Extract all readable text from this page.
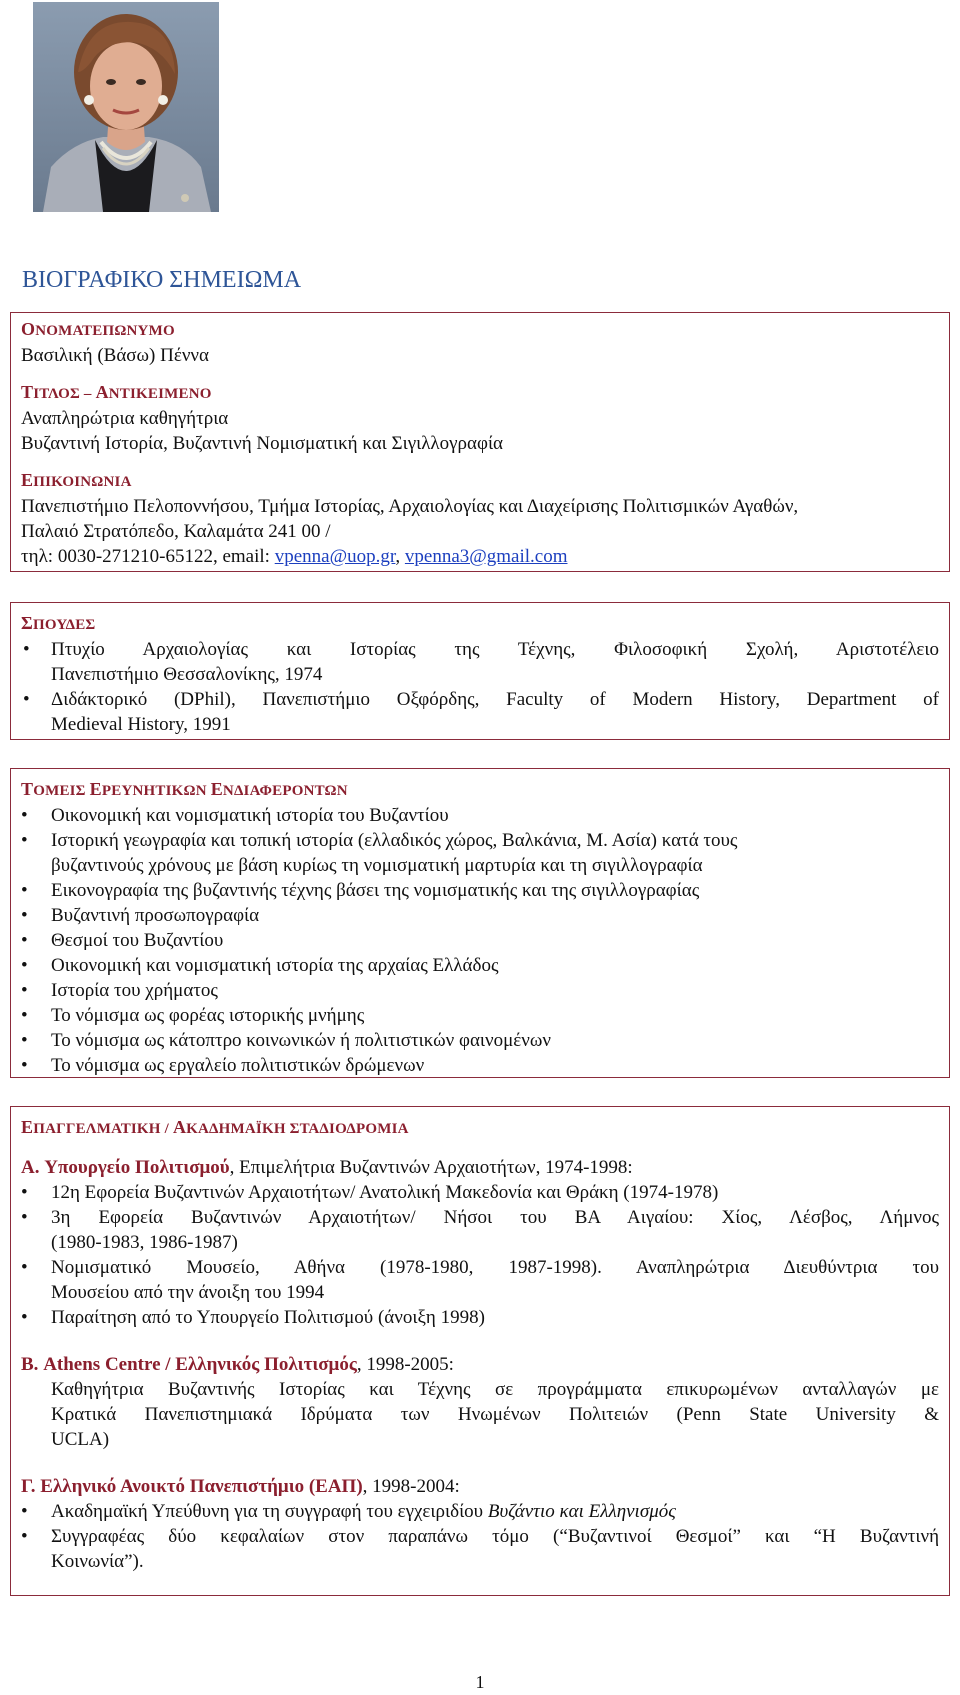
ΒΙΟΓΡΑΦΙΚΟ ΣΗΜΕΙΩΜΑ
ΟΝΟΜΑΤΕΠΩΝΥΜΟ
Βασιλική (Βάσω) Πέννα
ΤΙΤΛΟΣ – ΑΝΤΙΚΕΙΜΕΝΟ
Αναπληρώτρια καθηγήτρια
Βυζαντινή Ιστορία, Βυζαντινή Νομισματική και Σιγιλλογραφία
ΕΠΙΚΟΙΝΩΝΙΑ
Πανεπιστήμιο Πελοποννήσου, Τμήμα Ιστορίας, Αρχαιολογίας και Διαχείρισης Πολιτισμικών Αγαθών,
Παλαιό Στρατόπεδο, Καλαμάτα 241 00 /
τηλ: 0030-271210-65122, email: vpenna@uop.gr, vpenna3@gmail.com
ΣΠΟΥΔΕΣ
•	Πτυχίο Αρχαιολογίας και Ιστορίας της Τέχνης, Φιλοσοφική Σχολή, Αριστοτέλειο
Πανεπιστήμιο Θεσσαλονίκης, 1974
•	Διδάκτορικό (DPhil), Πανεπιστήμιο Οξφόρδης, Faculty of Modern History, Department of
Medieval History, 1991
ΤΟΜΕΙΣ ΕΡΕΥΝΗΤΙΚΩΝ ΕΝΔΙΑΦΕΡΟΝΤΩΝ
•	Οικονομική και νομισματική ιστορία του Βυζαντίου
•	Ιστορική γεωγραφία και τοπική ιστορία (ελλαδικός χώρος, Βαλκάνια, Μ. Ασία) κατά τους
βυζαντινούς χρόνους με βάση κυρίως τη νομισματική μαρτυρία και τη σιγιλλογραφία
•	Εικονογραφία της βυζαντινής τέχνης βάσει της νομισματικής και της σιγιλλογραφίας
•	Βυζαντινή προσωπογραφία
•	Θεσμοί του Βυζαντίου
•	Οικονομική και νομισματική ιστορία της αρχαίας Ελλάδος
•	Ιστορία του χρήματος
•	Το νόμισμα ως φορέας ιστορικής μνήμης
•	Το νόμισμα ως κάτοπτρο κοινωνικών ή πολιτιστικών φαινομένων
•	Το νόμισμα ως εργαλείο πολιτιστικών δρώμενων
ΕΠΑΓΓΕΛΜΑΤΙΚΗ / ΑΚΑΔΗΜΑΪΚΗ ΣΤΑΔΙΟΔΡΟΜΙΑ
Α. Υπουργείο Πολιτισμού, Επιμελήτρια Βυζαντινών Αρχαιοτήτων, 1974-1998:
•	12η Εφορεία Βυζαντινών Αρχαιοτήτων/ Ανατολική Μακεδονία και Θράκη (1974-1978)
•	3η Εφορεία Βυζαντινών Αρχαιοτήτων/ Νήσοι του ΒΑ Αιγαίου: Χίος, Λέσβος, Λήμνος
(1980-1983, 1986-1987)
•	Νομισματικό Μουσείο, Αθήνα (1978-1980, 1987-1998). Αναπληρώτρια Διευθύντρια του
Μουσείου από την άνοιξη του 1994
•	Παραίτηση από το Υπουργείο Πολιτισμού (άνοιξη 1998)
Β. Athens Centre / Ελληνικός Πολιτισμός, 1998-2005:
Καθηγήτρια Βυζαντινής Ιστορίας και Τέχνης σε προγράμματα επικυρωμένων ανταλλαγών με
Κρατικά Πανεπιστημιακά Ιδρύματα των Ηνωμένων Πολιτειών (Penn State University &
UCLA)
Γ. Ελληνικό Ανοικτό Πανεπιστήμιο (ΕΑΠ), 1998-2004:
•	Ακαδημαϊκή Υπεύθυνη για τη συγγραφή του εγχειριδίου Βυζάντιο και Ελληνισμός
•	Συγγραφέας δύο κεφαλαίων στον παραπάνω τόμο (“Βυζαντινοί Θεσμοί” και “Η Βυζαντινή
Κοινωνία”).
1
